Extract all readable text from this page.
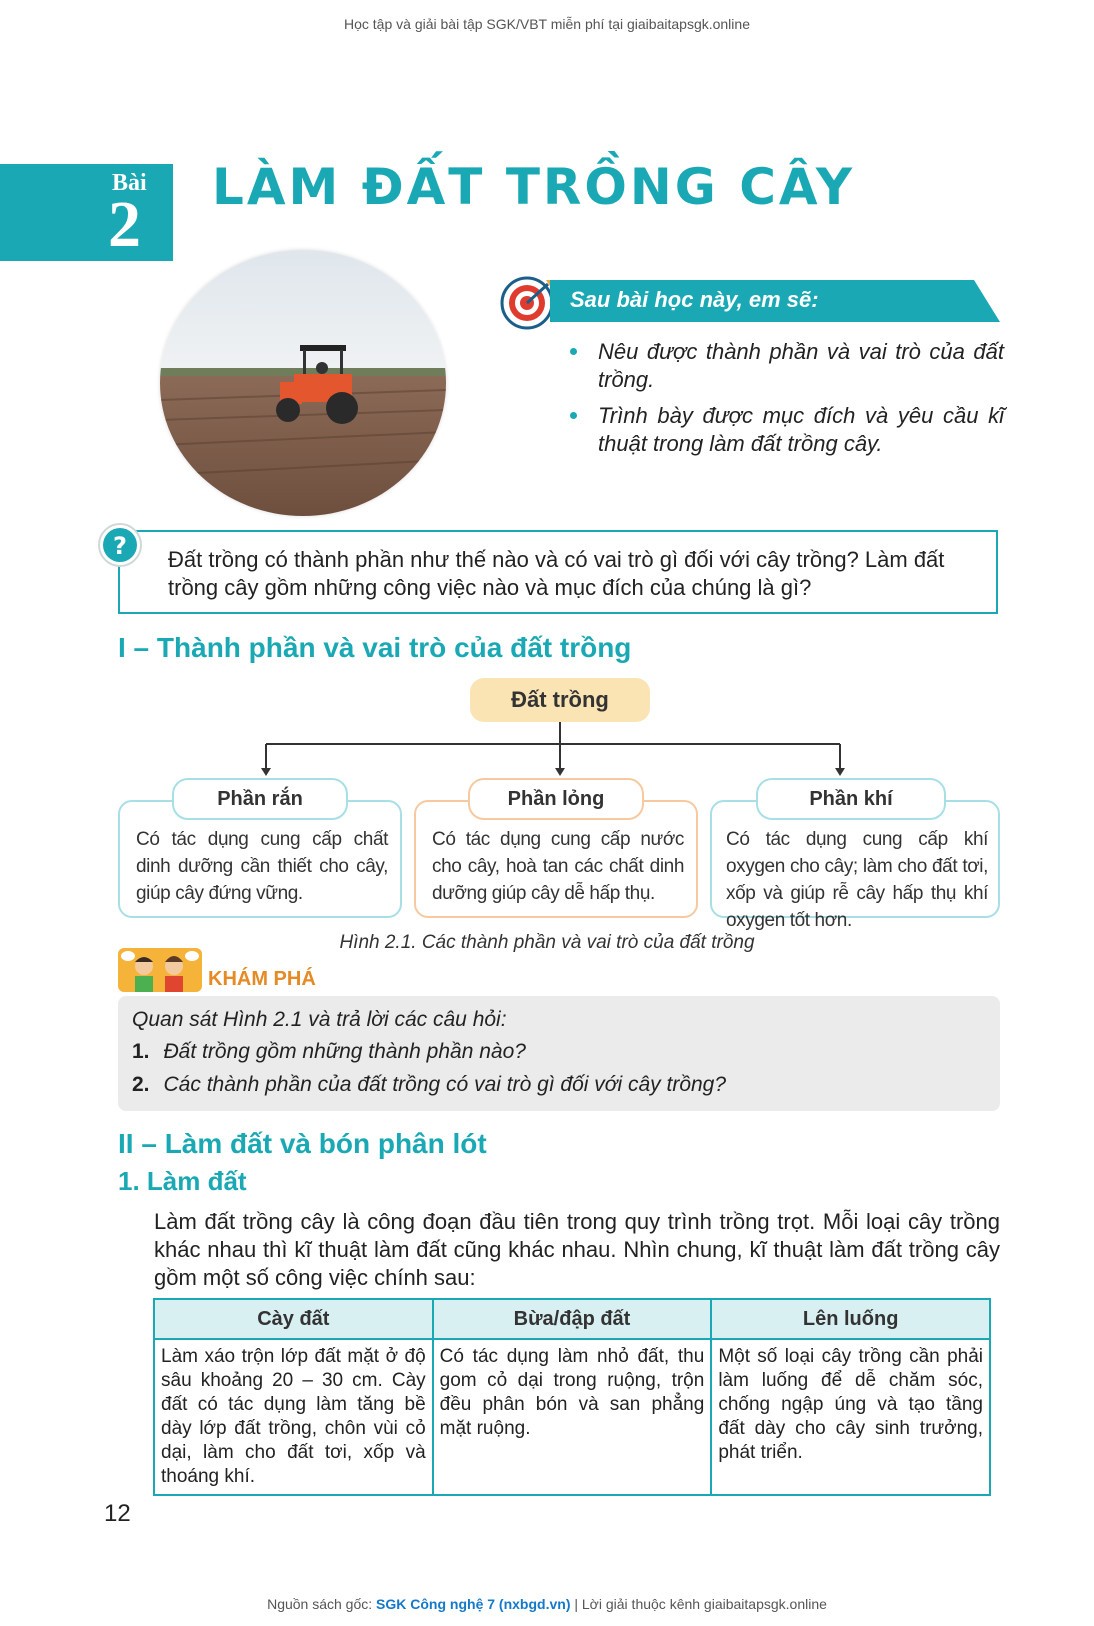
Học tập và giải bài tập SGK/VBT miễn phí tại giaibaitapsgk.online
Bài
2
LÀM ĐẤT TRỒNG CÂY
Sau bài học này, em sẽ:
Nêu được thành phần và vai trò của đất trồng.
Trình bày được mục đích và yêu cầu kĩ thuật trong làm đất trồng cây.
? Đất trồng có thành phần như thế nào và có vai trò gì đối với cây trồng? Làm đất trồng cây gồm những công việc nào và mục đích của chúng là gì?
I – Thành phần và vai trò của đất trồng
Đất trồng
Phần rắn
Có tác dụng cung cấp chất dinh dưỡng cần thiết cho cây, giúp cây đứng vững.
Phần lỏng
Có tác dụng cung cấp nước cho cây, hoà tan các chất dinh dưỡng giúp cây dễ hấp thụ.
Phần khí
Có tác dụng cung cấp khí oxygen cho cây; làm cho đất tơi, xốp và giúp rễ cây hấp thụ khí oxygen tốt hơn.
Hình 2.1. Các thành phần và vai trò của đất trồng
KHÁM PHÁ
Quan sát Hình 2.1 và trả lời các câu hỏi:
1. Đất trồng gồm những thành phần nào?
2. Các thành phần của đất trồng có vai trò gì đối với cây trồng?
II – Làm đất và bón phân lót
1. Làm đất
Làm đất trồng cây là công đoạn đầu tiên trong quy trình trồng trọt. Mỗi loại cây trồng khác nhau thì kĩ thuật làm đất cũng khác nhau. Nhìn chung, kĩ thuật làm đất trồng cây gồm một số công việc chính sau:
Cày đất	Bừa/đập đất	Lên luống
Làm xáo trộn lớp đất mặt ở độ sâu khoảng 20 – 30 cm. Cày đất có tác dụng làm tăng bề dày lớp đất trồng, chôn vùi cỏ dại, làm cho đất tơi, xốp và thoáng khí.	Có tác dụng làm nhỏ đất, thu gom cỏ dại trong ruộng, trộn đều phân bón và san phẳng mặt ruộng.	Một số loại cây trồng cần phải làm luống để dễ chăm sóc, chống ngập úng và tạo tầng đất dày cho cây sinh trưởng, phát triển.
12
Nguồn sách gốc: SGK Công nghệ 7 (nxbgd.vn) | Lời giải thuộc kênh giaibaitapsgk.online
